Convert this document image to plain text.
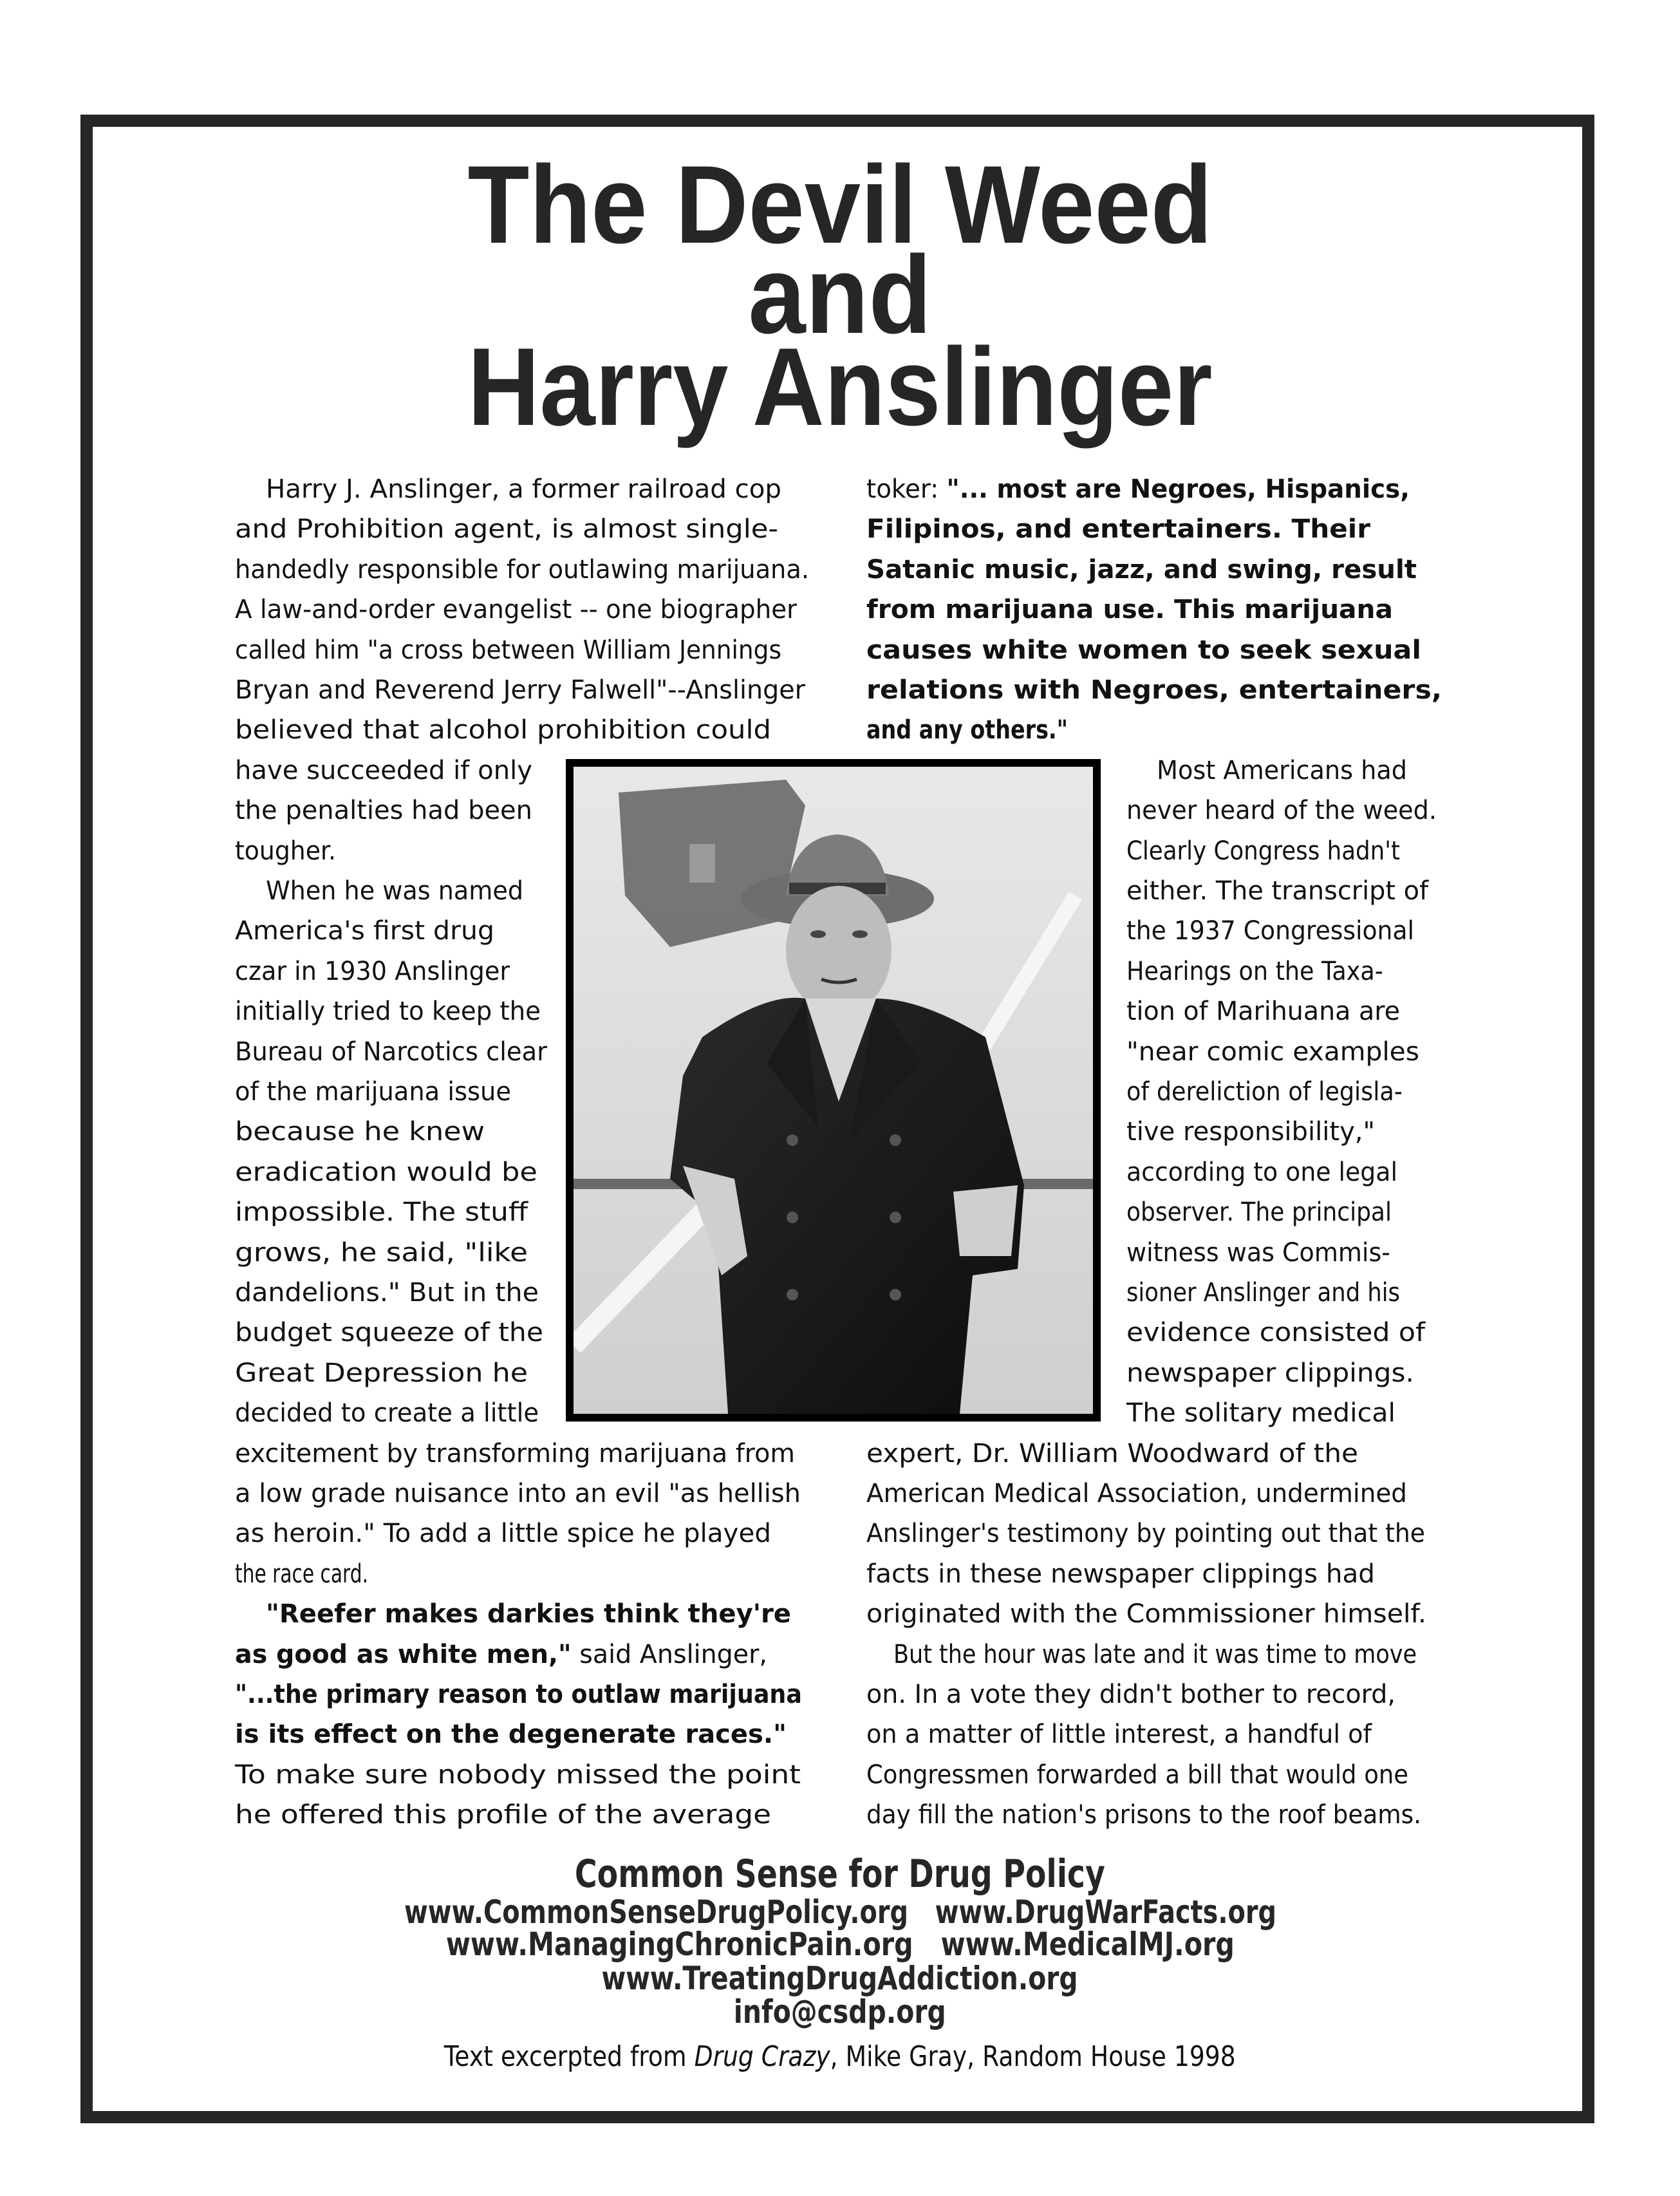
The Devil Weed
and
Harry Anslinger
Harry J. Anslinger, a former railroad cop
and Prohibition agent, is almost single-
handedly responsible for outlawing marijuana.
A law-and-order evangelist -- one biographer
called him "a cross between William Jennings
Bryan and Reverend Jerry Falwell"--Anslinger
believed that alcohol prohibition could
have succeeded if only
the penalties had been
tougher.
When he was named
America's first drug
czar in 1930 Anslinger
initially tried to keep the
Bureau of Narcotics clear
of the marijuana issue
because he knew
eradication would be
impossible. The stuff
grows, he said, "like
dandelions." But in the
budget squeeze of the
Great Depression he
decided to create a little
excitement by transforming marijuana from
a low grade nuisance into an evil "as hellish
as heroin." To add a little spice he played
the race card.
"Reefer makes darkies think they're
as good as white men," said Anslinger,
"...the primary reason to outlaw marijuana
is its effect on the degenerate races."
To make sure nobody missed the point
he offered this profile of the average
toker: "... most are Negroes, Hispanics,
Filipinos, and entertainers. Their
Satanic music, jazz, and swing, result
from marijuana use. This marijuana
causes white women to seek sexual
relations with Negroes, entertainers,
and any others."
Most Americans had
never heard of the weed.
Clearly Congress hadn't
either. The transcript of
the 1937 Congressional
Hearings on the Taxa-
tion of Marihuana are
"near comic examples
of dereliction of legisla-
tive responsibility,"
according to one legal
observer. The principal
witness was Commis-
sioner Anslinger and his
evidence consisted of
newspaper clippings.
The solitary medical
expert, Dr. William Woodward of the
American Medical Association, undermined
Anslinger's testimony by pointing out that the
facts in these newspaper clippings had
originated with the Commissioner himself.
But the hour was late and it was time to move
on. In a vote they didn't bother to record,
on a matter of little interest, a handful of
Congressmen forwarded a bill that would one
day fill the nation's prisons to the roof beams.
Common Sense for Drug Policy
www.CommonSenseDrugPolicy.org www.DrugWarFacts.org
www.ManagingChronicPain.org www.MedicalMJ.org
www.TreatingDrugAddiction.org
info@csdp.org
Text excerpted from Drug Crazy, Mike Gray, Random House 1998
